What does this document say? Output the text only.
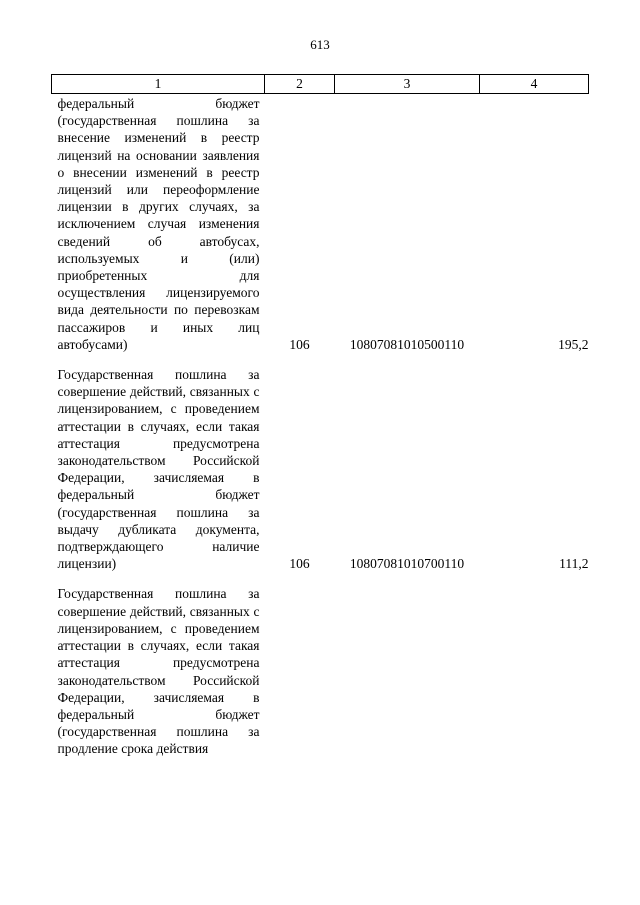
613
1	2	3	4
федеральный бюджет (государственная пошлина за внесение изменений в реестр лицензий на основании заявления о внесении изменений в реестр лицензий или переоформление лицензии в других случаях, за исключением случая изменения сведений об автобусах, используемых и (или) приобретенных для осуществления лицензируемого вида деятельности по перевозкам пассажиров и иных лиц автобусами)	106	10807081010500110	195,2

Государственная пошлина за совершение действий, связанных с лицензированием, с проведением аттестации в случаях, если такая аттестация предусмотрена законодательством Российской Федерации, зачисляемая в федеральный бюджет (государственная пошлина за выдачу дубликата документа, подтверждающего наличие лицензии)	106	10807081010700110	111,2

Государственная пошлина за совершение действий, связанных с лицензированием, с проведением аттестации в случаях, если такая аттестация предусмотрена законодательством Российской Федерации, зачисляемая в федеральный бюджет (государственная пошлина за продление срока действия			
